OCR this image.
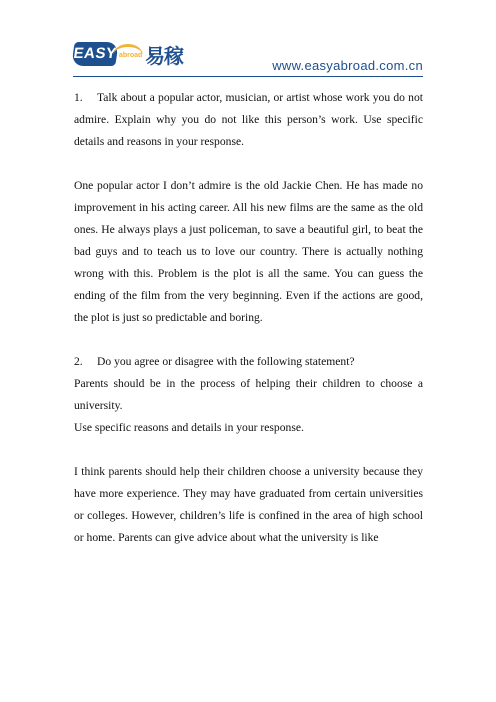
EASY abroad 易稼	www.easyabroad.com.cn

1. Talk about a popular actor, musician, or artist whose work you do not admire. Explain why you do not like this person’s work. Use specific details and reasons in your response.

One popular actor I don’t admire is the old Jackie Chen. He has made no improvement in his acting career. All his new films are the same as the old ones. He always plays a just policeman, to save a beautiful girl, to beat the bad guys and to teach us to love our country. There is actually nothing wrong with this. Problem is the plot is all the same. You can guess the ending of the film from the very beginning. Even if the actions are good, the plot is just so predictable and boring.

2. Do you agree or disagree with the following statement?

Parents should be in the process of helping their children to choose a university.

Use specific reasons and details in your response.

I think parents should help their children choose a university because they have more experience. They may have graduated from certain universities or colleges. However, children’s life is confined in the area of high school or home. Parents can give advice about what the university is like
